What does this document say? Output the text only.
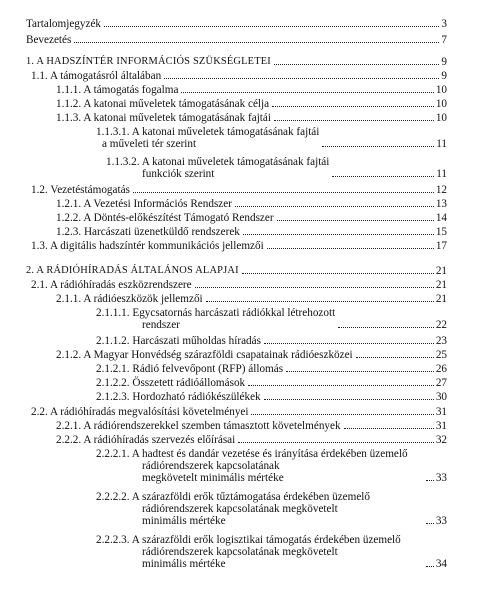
Tartalomjegyzék	3
Bevezetés	7
1. A HADSZÍNTÉR INFORMÁCIÓS SZÜKSÉGLETEI	9
1.1. A támogatásról általában	9
1.1.1. A támogatás fogalma	10
1.1.2. A katonai műveletek támogatásának célja	10
1.1.3. A katonai műveletek támogatásának fajtái	10
1.1.3.1. A katonai műveletek támogatásának fajtái
a műveleti tér szerint	11
1.1.3.2. A katonai műveletek támogatásának fajtái
funkciók szerint	11
1.2. Vezetéstámogatás	12
1.2.1. A Vezetési Információs Rendszer	13
1.2.2. A Döntés-előkészítést Támogató Rendszer	14
1.2.3. Harcászati üzenetküldő rendszerek	15
1.3. A digitális hadszíntér kommunikációs jellemzői	17
2. A RÁDIÓHÍRADÁS ÁLTALÁNOS ALAPJAI	21
2.1. A rádióhíradás eszközrendszere	21
2.1.1. A rádióeszközök jellemzői	21
2.1.1.1. Egycsatornás harcászati rádiókkal létrehozott
rendszer	22
2.1.1.2. Harcászati műholdas híradás	23
2.1.2. A Magyar Honvédség szárazföldi csapatainak rádióeszközei	25
2.1.2.1. Rádió felvevőpont (RFP) állomás	26
2.1.2.2. Összetett rádióállomások	27
2.1.2.3. Hordozható rádiókészülékek	30
2.2. A rádióhíradás megvalósítási követelményei	31
2.2.1. A rádiórendszerekkel szemben támasztott követelmények	31
2.2.2. A rádióhíradás szervezés előírásai	32
2.2.2.1. A hadtest és dandár vezetése és irányítása érdekében üzemelő rádiórendszerek kapcsolatának
megkövetelt minimális mértéke	33
2.2.2.2. A szárazföldi erők tűztámogatása érdekében üzemelő rádiórendszerek kapcsolatának megkövetelt
minimális mértéke	33
2.2.2.3. A szárazföldi erők logisztikai támogatás érdekében üzemelő rádiórendszerek kapcsolatának megkövetelt
minimális mértéke	34
